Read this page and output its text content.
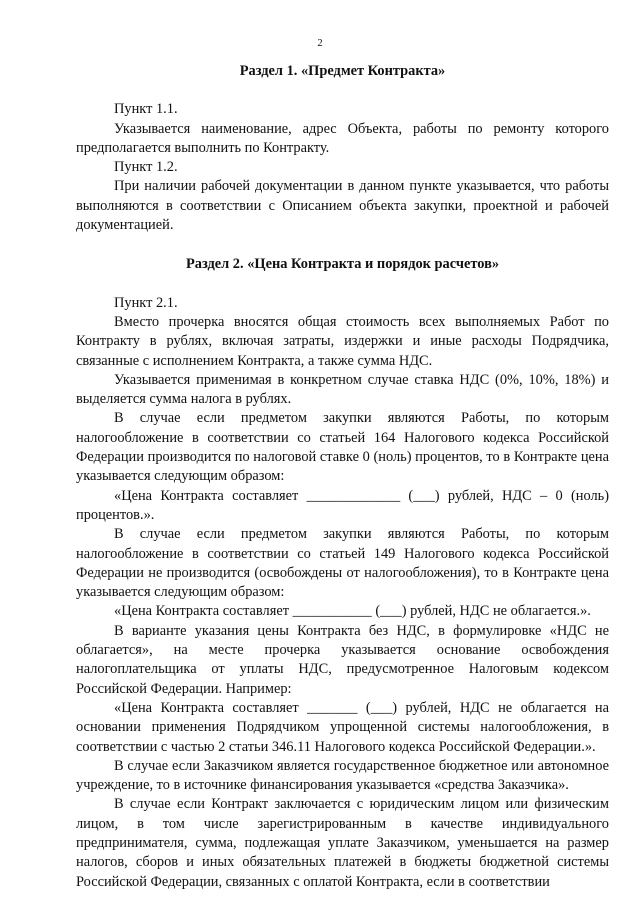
2
Раздел 1. «Предмет Контракта»

Пункт 1.1.

Указывается наименование, адрес Объекта, работы по ремонту которого предполагается выполнить по Контракту.

Пункт 1.2.

При наличии рабочей документации в данном пункте указывается, что работы выполняются в соответствии с Описанием объекта закупки, проектной и рабочей документацией.

Раздел 2. «Цена Контракта и порядок расчетов»

Пункт 2.1.

Вместо прочерка вносятся общая стоимость всех выполняемых Работ по Контракту в рублях, включая затраты, издержки и иные расходы Подрядчика, связанные с исполнением Контракта, а также сумма НДС.

Указывается применимая в конкретном случае ставка НДС (0%, 10%, 18%) и выделяется сумма налога в рублях.

В случае если предметом закупки являются Работы, по которым налогообложение в соответствии со статьей 164 Налогового кодекса Российской Федерации производится по налоговой ставке 0 (ноль) процентов, то в Контракте цена указывается следующим образом:

«Цена Контракта составляет _____________ (___) рублей, НДС – 0 (ноль) процентов.».

В случае если предметом закупки являются Работы, по которым налогообложение в соответствии со статьей 149 Налогового кодекса Российской Федерации не производится (освобождены от налогообложения), то в Контракте цена указывается следующим образом:

«Цена Контракта составляет ___________ (___) рублей, НДС не облагается.».

В варианте указания цены Контракта без НДС, в формулировке «НДС не облагается», на месте прочерка указывается основание освобождения налогоплательщика от уплаты НДС, предусмотренное Налоговым кодексом Российской Федерации. Например:

«Цена Контракта составляет _______ (___) рублей, НДС не облагается на основании применения Подрядчиком упрощенной системы налогообложения, в соответствии с частью 2 статьи 346.11 Налогового кодекса Российской Федерации.».

В случае если Заказчиком является государственное бюджетное или автономное учреждение, то в источнике финансирования указывается «средства Заказчика».

В случае если Контракт заключается с юридическим лицом или физическим лицом, в том числе зарегистрированным в качестве индивидуального предпринимателя, сумма, подлежащая уплате Заказчиком, уменьшается на размер налогов, сборов и иных обязательных платежей в бюджеты бюджетной системы Российской Федерации, связанных с оплатой Контракта, если в соответствии
